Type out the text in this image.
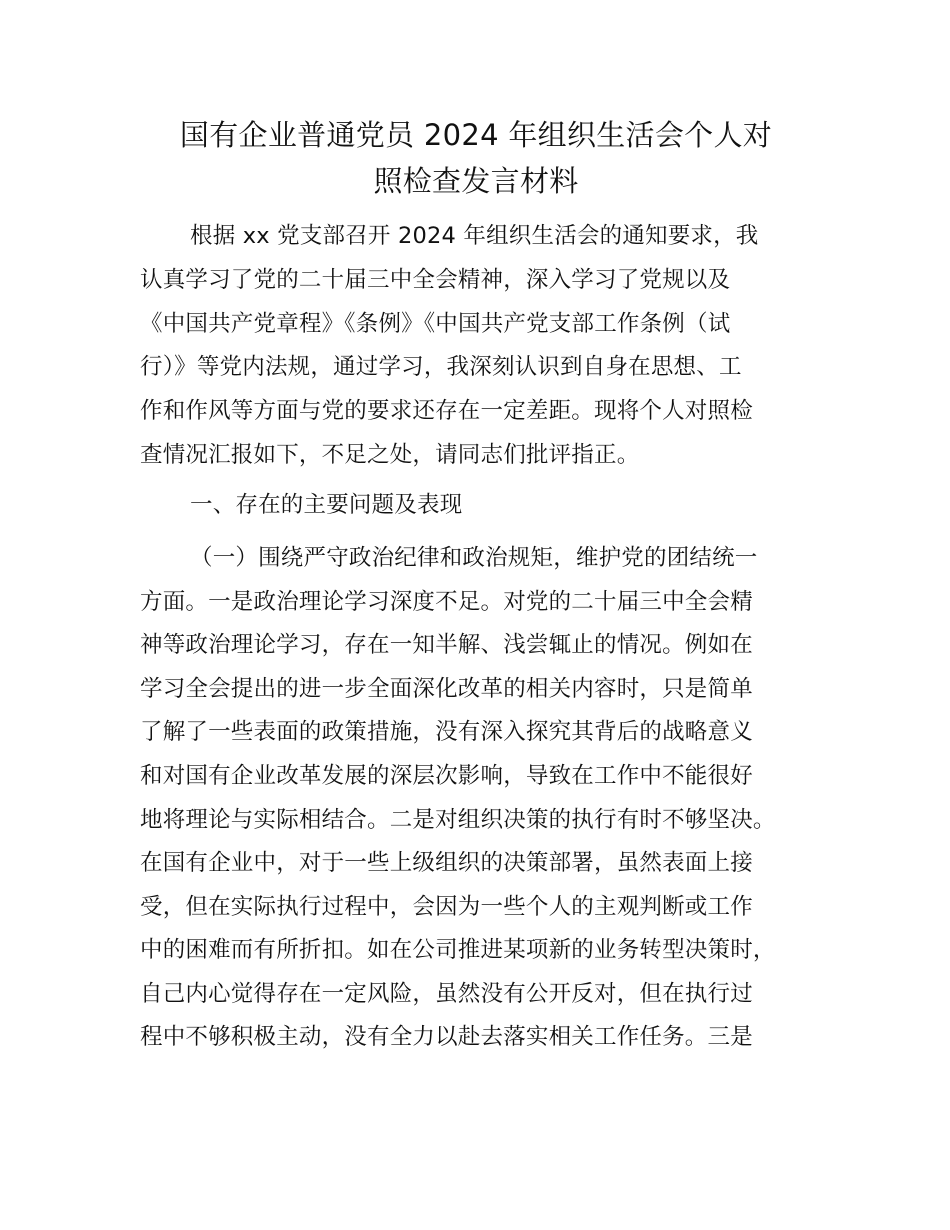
国有企业普通党员 2024 年组织生活会个人对
照检查发言材料
根据 xx 党支部召开 2024 年组织生活会的通知要求，我
认真学习了党的二十届三中全会精神，深入学习了党规以及
《中国共产党章程》《条例》《中国共产党支部工作条例（试
行）》等党内法规，通过学习，我深刻认识到自身在思想、工
作和作风等方面与党的要求还存在一定差距。现将个人对照检
查情况汇报如下，不足之处，请同志们批评指正。
一、存在的主要问题及表现
（一）围绕严守政治纪律和政治规矩，维护党的团结统一
方面。一是政治理论学习深度不足。对党的二十届三中全会精
神等政治理论学习，存在一知半解、浅尝辄止的情况。例如在
学习全会提出的进一步全面深化改革的相关内容时，只是简单
了解了一些表面的政策措施，没有深入探究其背后的战略意义
和对国有企业改革发展的深层次影响，导致在工作中不能很好
地将理论与实际相结合。二是对组织决策的执行有时不够坚决。
在国有企业中，对于一些上级组织的决策部署，虽然表面上接
受，但在实际执行过程中，会因为一些个人的主观判断或工作
中的困难而有所折扣。如在公司推进某项新的业务转型决策时，
自己内心觉得存在一定风险，虽然没有公开反对，但在执行过
程中不够积极主动，没有全力以赴去落实相关工作任务。三是
